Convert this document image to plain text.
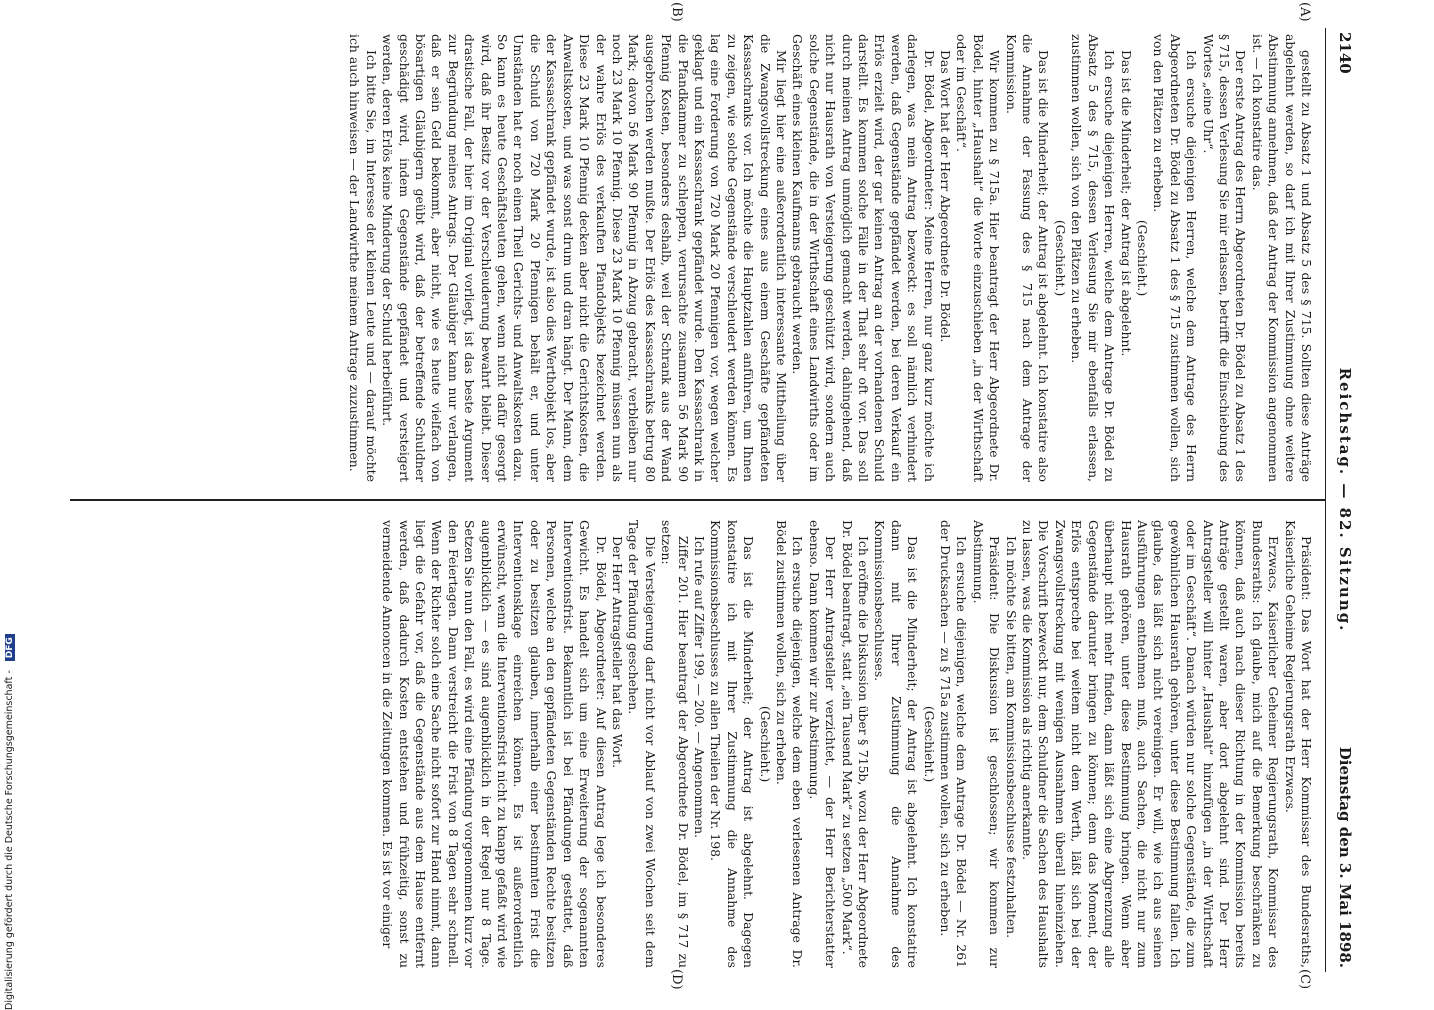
2140
Reichstag. — 82. Sitzung.
Dienstag den 3. Mai 1898.
(A)
(B)
(C)
(D)

gestellt zu Absatz 1 und Absatz 5 des § 715. Sollten diese Anträge abgelehnt werden, so darf ich mit Ihrer Zustimmung ohne weitere Abstimmung annehmen, daß der Antrag der Kommission angenommen ist. — Ich konstatire das.

Der erste Antrag des Herrn Abgeordneten Dr. Bödel zu Absatz 1 des § 715, dessen Verlesung Sie mir erlassen, betrifft die Einschiebung des Wortes „eine Uhr“.

Ich ersuche diejenigen Herren, welche dem Antrage des Herrn Abgeordneten Dr. Bödel zu Absatz 1 des § 715 zustimmen wollen, sich von den Plätzen zu erheben.

(Geschieht.)

Das ist die Minderheit; der Antrag ist abgelehnt.

Ich ersuche diejenigen Herren, welche dem Antrage Dr. Bödel zu Absatz 5 des § 715, dessen Verlesung Sie mir ebenfalls erlassen, zustimmen wollen, sich von den Plätzen zu erheben.

(Geschieht.)

Das ist die Minderheit; der Antrag ist abgelehnt. Ich konstatire also die Annahme der Fassung des § 715 nach dem Antrage der Kommission.

Wir kommen zu § 715a. Hier beantragt der Herr Abgeordnete Dr. Bödel, hinter „Haushalt“ die Worte einzuschieben „in der Wirthschaft oder im Geschäft“.

Das Wort hat der Herr Abgeordnete Dr. Bödel.

Dr. Bödel, Abgeordneter: Meine Herren, nur ganz kurz möchte ich darlegen, was mein Antrag bezweckt: es soll nämlich verhindert werden, daß Gegenstände gepfändet werden, bei deren Verkauf ein Erlös erzielt wird, der gar keinen Antrag an der vorhandenen Schuld darstellt. Es kommen solche Fälle in der That sehr oft vor. Das soll durch meinen Antrag unmöglich gemacht werden, dahingehend, daß nicht nur Hausrath von Versteigerung geschützt wird, sondern auch solche Gegenstände, die in der Wirthschaft eines Landwirths oder im Geschäft eines kleinen Kaufmanns gebraucht werden.

Mir liegt hier eine außerordentlich interessante Mittheilung über die Zwangsvollstreckung eines aus einem Geschäfte gepfändeten Kassaschranks vor. Ich möchte die Hauptzahlen anführen, um Ihnen zu zeigen, wie solche Gegenstände verschleudert werden können. Es lag eine Forderung von 720 Mark 20 Pfennigen vor, wegen welcher geklagt und ein Kassaschrank gepfändet wurde. Den Kassaschrank in die Pfandkammer zu schleppen, verursachte zusammen 56 Mark 90 Pfennig Kosten, besonders deshalb, weil der Schrank aus der Wand ausgebrochen werden mußte. Der Erlös des Kassaschranks betrug 80 Mark; davon 56 Mark 90 Pfennig in Abzug gebracht, verbleiben nur noch 23 Mark 10 Pfennig. Diese 23 Mark 10 Pfennig müssen nun als der wahre Erlös des verkauften Pfandobjekts bezeichnet werden. Diese 23 Mark 10 Pfennig decken aber nicht die Gerichtskosten, die Anwaltskosten, und was sonst drum und dran hängt. Der Mann, dem der Kassaschrank gepfändet wurde, ist also dies Werthobjekt los, aber die Schuld von 720 Mark 20 Pfennigen behält er, und unter Umständen hat er noch einen Theil Gerichts- und Anwaltskosten dazu. So kann es heute Geschäftsleuten gehen, wenn nicht dafür gesorgt wird, daß ihr Besitz vor der Verschleuderung bewahrt bleibt. Dieser drastische Fall, der hier im Original vorliegt, ist das beste Argument zur Begründung meines Antrags. Der Gläubiger kann nur verlangen, daß er sein Geld bekommt, aber nicht, wie es heute vielfach von bösartigen Gläubigern geübt wird, daß der betreffende Schuldner geschädigt wird, indem Gegenstände gepfändet und versteigert werden, deren Erlös keine Minderung der Schuld herbeiführt.

Ich bitte Sie, im Interesse der kleinen Leute und — darauf möchte ich auch hinweisen — der Landwirthe meinem Antrage zuzustimmen.

Präsident: Das Wort hat der Herr Kommissar des Bundesraths, Kaiserliche Geheime Regierungsrath Erzwacs.

Erzwacs, Kaiserlicher Geheimer Regierungsrath, Kommissar des Bundesraths: Ich glaube, mich auf die Bemerkung beschränken zu können, daß auch nach dieser Richtung in der Kommission bereits Anträge gestellt waren, aber dort abgelehnt sind. Der Herr Antragsteller will hinter „Haushalt“ hinzufügen „in der Wirthschaft oder im Geschäft“. Danach würden nur solche Gegenstände, die zum gewöhnlichen Hausrath gehören, unter diese Bestimmung fallen. Ich glaube, das läßt sich nicht vereinigen. Er will, wie ich aus seinen Ausführungen entnehmen muß, auch Sachen, die nicht nur zum Hausrath gehören, unter diese Bestimmung bringen. Wenn aber überhaupt nicht mehr finden, dann läßt sich eine Abgrenzung alle Gegenstände darunter bringen zu können; denn das Moment, der Erlös entspreche bei weitem nicht dem Werth, läßt sich bei der Zwangsvollstreckung mit wenigen Ausnahmen überall hineinziehen. Die Vorschrift bezweckt nur, dem Schuldner die Sachen des Haushalts zu lassen, was die Kommission als richtig anerkannte.

Ich möchte Sie bitten, am Kommissionsbeschlusse festzuhalten.

Präsident: Die Diskussion ist geschlossen; wir kommen zur Abstimmung.

Ich ersuche diejenigen, welche dem Antrage Dr. Bödel — Nr. 261 der Drucksachen — zu § 715a zustimmen wollen, sich zu erheben.

(Geschieht.)

Das ist die Minderheit; der Antrag ist abgelehnt. Ich konstatire dann mit Ihrer Zustimmung die Annahme des Kommissionsbeschlusses.

Ich eröffne die Diskussion über § 715b, wozu der Herr Abgeordnete Dr. Bödel beantragt, statt „ein Tausend Mark“ zu setzen „500 Mark“.

Der Herr Antragsteller verzichtet, — der Herr Berichterstatter ebenso. Dann kommen wir zur Abstimmung.

Ich ersuche diejenigen, welche dem eben verlesenen Antrage Dr. Bödel zustimmen wollen, sich zu erheben.

(Geschieht.)

Das ist die Minderheit; der Antrag ist abgelehnt. Dagegen konstatire ich mit Ihrer Zustimmung die Annahme des Kommissionsbeschlusses zu allen Theilen der Nr. 198.

Ich rufe auf Ziffer 199, — 200. — Angenommen.

Ziffer 201. Hier beantragt der Abgeordnete Dr. Bödel, im § 717 zu setzen:

Die Versteigerung darf nicht vor Ablauf von zwei Wochen seit dem Tage der Pfändung geschehen.

Der Herr Antragsteller hat das Wort.

Dr. Bödel, Abgeordneter: Auf diesen Antrag lege ich besonderes Gewicht. Es handelt sich um eine Erweiterung der sogenannten Interventionsfrist. Bekanntlich ist bei Pfändungen gestattet, daß Personen, welche an den gepfändeten Gegenständen Rechte besitzen oder zu besitzen glauben, innerhalb einer bestimmten Frist die Interventionsklage einreichen können. Es ist außerordentlich erwünscht, wenn die Interventionsfrist nicht zu knapp gefaßt wird wie augenblicklich — es sind augenblicklich in der Regel nur 8 Tage. Setzen Sie nun den Fall, es wird eine Pfändung vorgenommen kurz vor den Feiertagen. Dann verstreicht die Frist von 8 Tagen sehr schnell. Wenn der Richter solch eine Sache nicht sofort zur Hand nimmt, dann liegt die Gefahr vor, daß die Gegenstände aus dem Hause entfernt werden, daß dadurch Kosten entstehen und frühzeitig, sonst zu vermeidende Annoncen in die Zeitungen kommen. Es ist vor einiger

Digitalisierung gefördert durch die Deutsche Forschungsgemeinschaft - DFG
